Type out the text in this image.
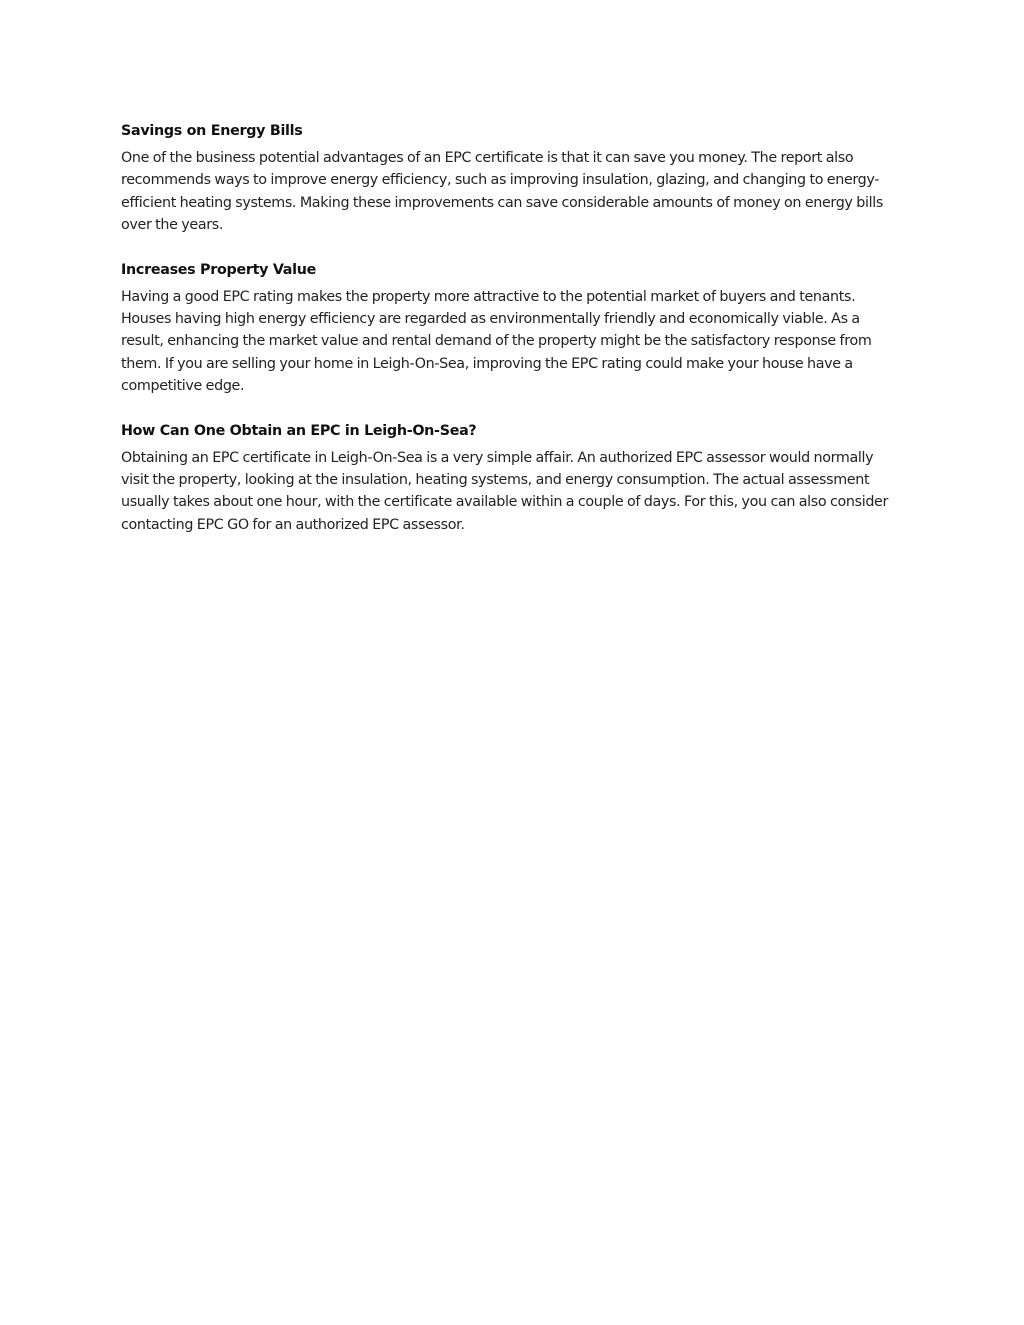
Savings on Energy Bills

One of the business potential advantages of an EPC certificate is that it can save you money. The report also recommends ways to improve energy efficiency, such as improving insulation, glazing, and changing to energy-efficient heating systems. Making these improvements can save considerable amounts of money on energy bills over the years.

Increases Property Value

Having a good EPC rating makes the property more attractive to the potential market of buyers and tenants. Houses having high energy efficiency are regarded as environmentally friendly and economically viable. As a result, enhancing the market value and rental demand of the property might be the satisfactory response from them. If you are selling your home in Leigh-On-Sea, improving the EPC rating could make your house have a competitive edge.

How Can One Obtain an EPC in Leigh-On-Sea?

Obtaining an EPC certificate in Leigh-On-Sea is a very simple affair. An authorized EPC assessor would normally visit the property, looking at the insulation, heating systems, and energy consumption. The actual assessment usually takes about one hour, with the certificate available within a couple of days. For this, you can also consider contacting EPC GO for an authorized EPC assessor.
